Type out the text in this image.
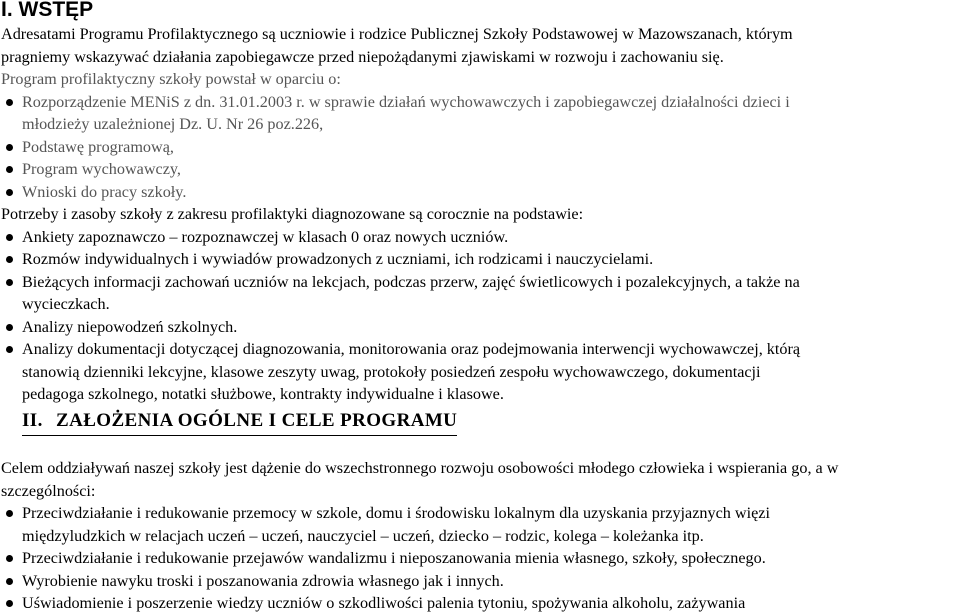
I. WSTĘP

Adresatami Programu Profilaktycznego są uczniowie i rodzice Publicznej Szkoły Podstawowej w Mazowszanach, którym
pragniemy wskazywać działania zapobiegawcze przed niepożądanymi zjawiskami w rozwoju i zachowaniu się.
Program profilaktyczny szkoły powstał w oparciu o:

Rozporządzenie MENiS z dn. 31.01.2003 r. w sprawie działań wychowawczych i zapobiegawczej działalności dzieci i
młodzieży uzależnionej Dz. U. Nr 26 poz.226,
Podstawę programową,
Program wychowawczy,
Wnioski do pracy szkoły.

Potrzeby i zasoby szkoły z zakresu profilaktyki diagnozowane są corocznie na podstawie:

Ankiety zapoznawczo – rozpoznawczej w klasach 0 oraz nowych uczniów.
Rozmów indywidualnych i wywiadów prowadzonych z uczniami, ich rodzicami i nauczycielami.
Bieżących informacji zachowań uczniów na lekcjach, podczas przerw, zajęć świetlicowych i pozalekcyjnych, a także na
wycieczkach.
Analizy niepowodzeń szkolnych.
Analizy dokumentacji dotyczącej diagnozowania, monitorowania oraz podejmowania interwencji wychowawczej, którą
stanowią dzienniki lekcyjne, klasowe zeszyty uwag, protokoły posiedzeń zespołu wychowawczego, dokumentacji
pedagoga szkolnego, notatki służbowe, kontrakty indywidualne i klasowe.
II. ZAŁOŻENIA OGÓLNE I CELE PROGRAMU

Celem oddziaływań naszej szkoły jest dążenie do wszechstronnego rozwoju osobowości młodego człowieka i wspierania go, a w
szczególności:

Przeciwdziałanie i redukowanie przemocy w szkole, domu i środowisku lokalnym dla uzyskania przyjaznych więzi
międzyludzkich w relacjach uczeń – uczeń, nauczyciel – uczeń, dziecko – rodzic, kolega – koleżanka itp.
Przeciwdziałanie i redukowanie przejawów wandalizmu i nieposzanowania mienia własnego, szkoły, społecznego.
Wyrobienie nawyku troski i poszanowania zdrowia własnego jak i innych.
Uświadomienie i poszerzenie wiedzy uczniów o szkodliwości palenia tytoniu, spożywania alkoholu, zażywania
